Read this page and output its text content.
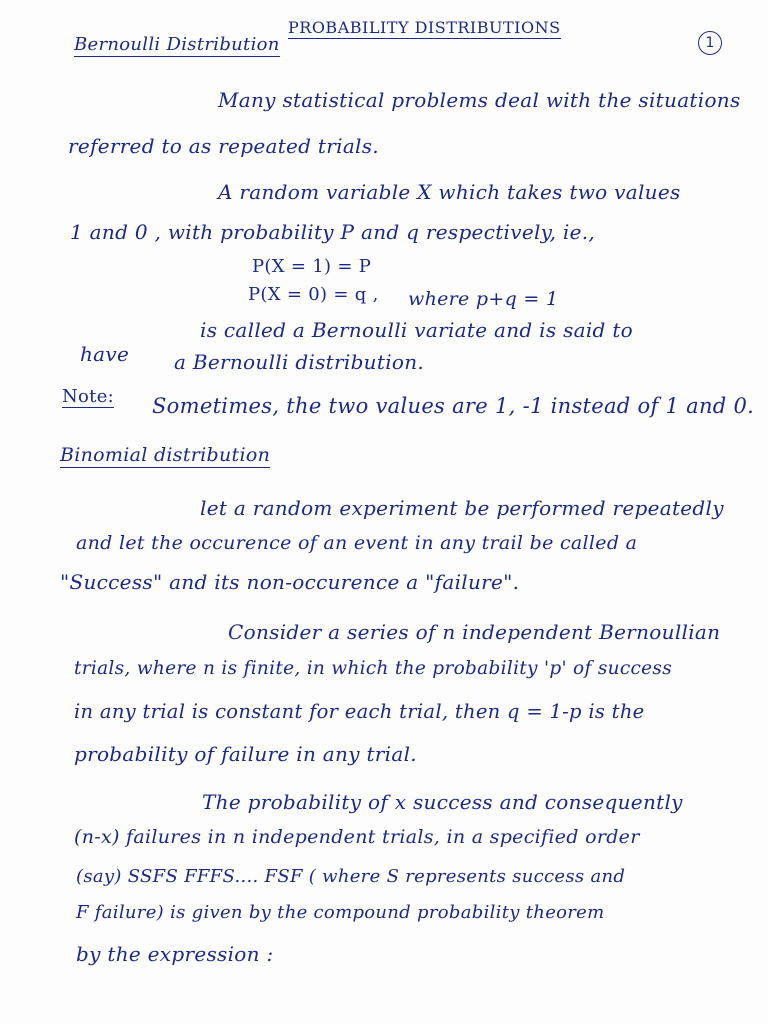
PROBABILITY DISTRIBUTIONS
1
Bernoulli Distribution
Many statistical problems deal with the situations
referred to as repeated trials.
A random variable X which takes two values
1 and 0 , with probability P and q respectively, ie.,
P(X = 1) = P
P(X = 0) = q , where p+q = 1
is called a Bernoulli variate and is said to
have a Bernoulli distribution.
Note: Sometimes, the two values are 1, -1 instead of 1 and 0.
Binomial distribution
let a random experiment be performed repeatedly
and let the occurence of an event in any trail be called a
"Success" and its non-occurence a "failure".
Consider a series of n independent Bernoullian
trials, where n is finite, in which the probability 'p' of success
in any trial is constant for each trial, then q = 1-p is the
probability of failure in any trial.
The probability of x success and consequently
(n-x) failures in n independent trials, in a specified order
(say) SSFS FFFS.... FSF ( where S represents success and
F failure) is given by the compound probability theorem
by the expression :
